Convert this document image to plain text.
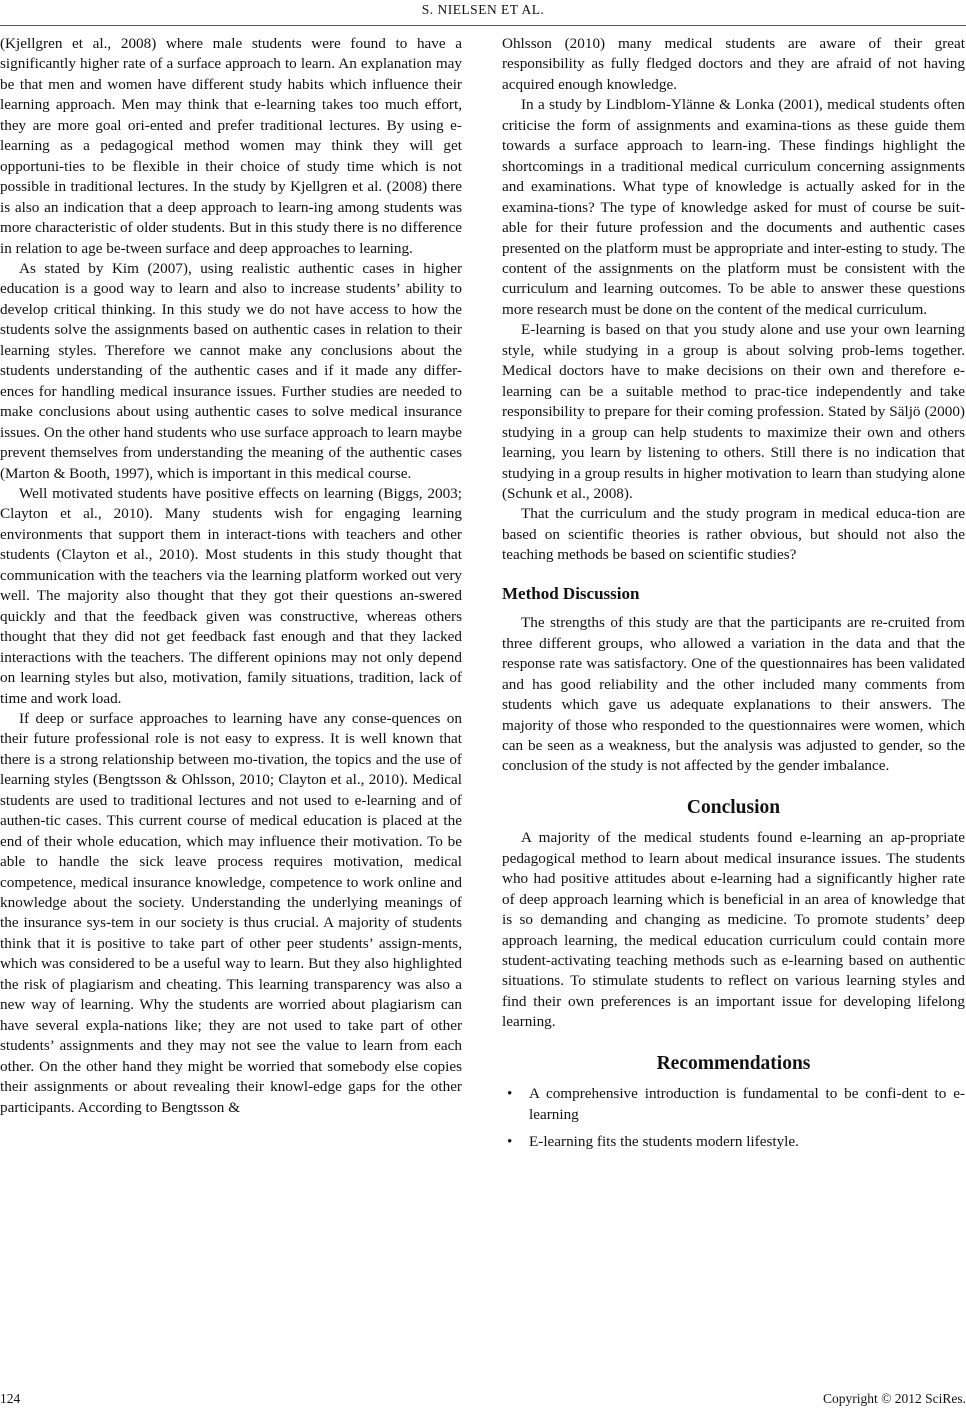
S. NIELSEN ET AL.

(Kjellgren et al., 2008) where male students were found to have a significantly higher rate of a surface approach to learn. An explanation may be that men and women have different study habits which influence their learning approach. Men may think that e-learning takes too much effort, they are more goal ori-ented and prefer traditional lectures. By using e-learning as a pedagogical method women may think they will get opportuni-ties to be flexible in their choice of study time which is not possible in traditional lectures. In the study by Kjellgren et al. (2008) there is also an indication that a deep approach to learn-ing among students was more characteristic of older students. But in this study there is no difference in relation to age be-tween surface and deep approaches to learning.

As stated by Kim (2007), using realistic authentic cases in higher education is a good way to learn and also to increase students’ ability to develop critical thinking. In this study we do not have access to how the students solve the assignments based on authentic cases in relation to their learning styles. Therefore we cannot make any conclusions about the students understanding of the authentic cases and if it made any differ-ences for handling medical insurance issues. Further studies are needed to make conclusions about using authentic cases to solve medical insurance issues. On the other hand students who use surface approach to learn maybe prevent themselves from understanding the meaning of the authentic cases (Marton & Booth, 1997), which is important in this medical course.

Well motivated students have positive effects on learning (Biggs, 2003; Clayton et al., 2010). Many students wish for engaging learning environments that support them in interact-tions with teachers and other students (Clayton et al., 2010). Most students in this study thought that communication with the teachers via the learning platform worked out very well. The majority also thought that they got their questions an-swered quickly and that the feedback given was constructive, whereas others thought that they did not get feedback fast enough and that they lacked interactions with the teachers. The different opinions may not only depend on learning styles but also, motivation, family situations, tradition, lack of time and work load.

If deep or surface approaches to learning have any conse-quences on their future professional role is not easy to express. It is well known that there is a strong relationship between mo-tivation, the topics and the use of learning styles (Bengtsson & Ohlsson, 2010; Clayton et al., 2010). Medical students are used to traditional lectures and not used to e-learning and of authen-tic cases. This current course of medical education is placed at the end of their whole education, which may influence their motivation. To be able to handle the sick leave process requires motivation, medical competence, medical insurance knowledge, competence to work online and knowledge about the society. Understanding the underlying meanings of the insurance sys-tem in our society is thus crucial. A majority of students think that it is positive to take part of other peer students’ assign-ments, which was considered to be a useful way to learn. But they also highlighted the risk of plagiarism and cheating. This learning transparency was also a new way of learning. Why the students are worried about plagiarism can have several expla-nations like; they are not used to take part of other students’ assignments and they may not see the value to learn from each other. On the other hand they might be worried that somebody else copies their assignments or about revealing their knowl-edge gaps for the other participants. According to Bengtsson &

Ohlsson (2010) many medical students are aware of their great responsibility as fully fledged doctors and they are afraid of not having acquired enough knowledge.

In a study by Lindblom-Ylänne & Lonka (2001), medical students often criticise the form of assignments and examina-tions as these guide them towards a surface approach to learn-ing. These findings highlight the shortcomings in a traditional medical curriculum concerning assignments and examinations. What type of knowledge is actually asked for in the examina-tions? The type of knowledge asked for must of course be suit-able for their future profession and the documents and authentic cases presented on the platform must be appropriate and inter-esting to study. The content of the assignments on the platform must be consistent with the curriculum and learning outcomes. To be able to answer these questions more research must be done on the content of the medical curriculum.

E-learning is based on that you study alone and use your own learning style, while studying in a group is about solving prob-lems together. Medical doctors have to make decisions on their own and therefore e-learning can be a suitable method to prac-tice independently and take responsibility to prepare for their coming profession. Stated by Säljö (2000) studying in a group can help students to maximize their own and others learning, you learn by listening to others. Still there is no indication that studying in a group results in higher motivation to learn than studying alone (Schunk et al., 2008).

That the curriculum and the study program in medical educa-tion are based on scientific theories is rather obvious, but should not also the teaching methods be based on scientific studies?

Method Discussion

The strengths of this study are that the participants are re-cruited from three different groups, who allowed a variation in the data and that the response rate was satisfactory. One of the questionnaires has been validated and has good reliability and the other included many comments from students which gave us adequate explanations to their answers. The majority of those who responded to the questionnaires were women, which can be seen as a weakness, but the analysis was adjusted to gender, so the conclusion of the study is not affected by the gender imbalance.

Conclusion

A majority of the medical students found e-learning an ap-propriate pedagogical method to learn about medical insurance issues. The students who had positive attitudes about e-learning had a significantly higher rate of deep approach learning which is beneficial in an area of knowledge that is so demanding and changing as medicine. To promote students’ deep approach learning, the medical education curriculum could contain more student-activating teaching methods such as e-learning based on authentic situations. To stimulate students to reflect on various learning styles and find their own preferences is an important issue for developing lifelong learning.

Recommendations
• A comprehensive introduction is fundamental to be confi-dent to e-learning
• E-learning fits the students modern lifestyle.
124	Copyright © 2012 SciRes.
